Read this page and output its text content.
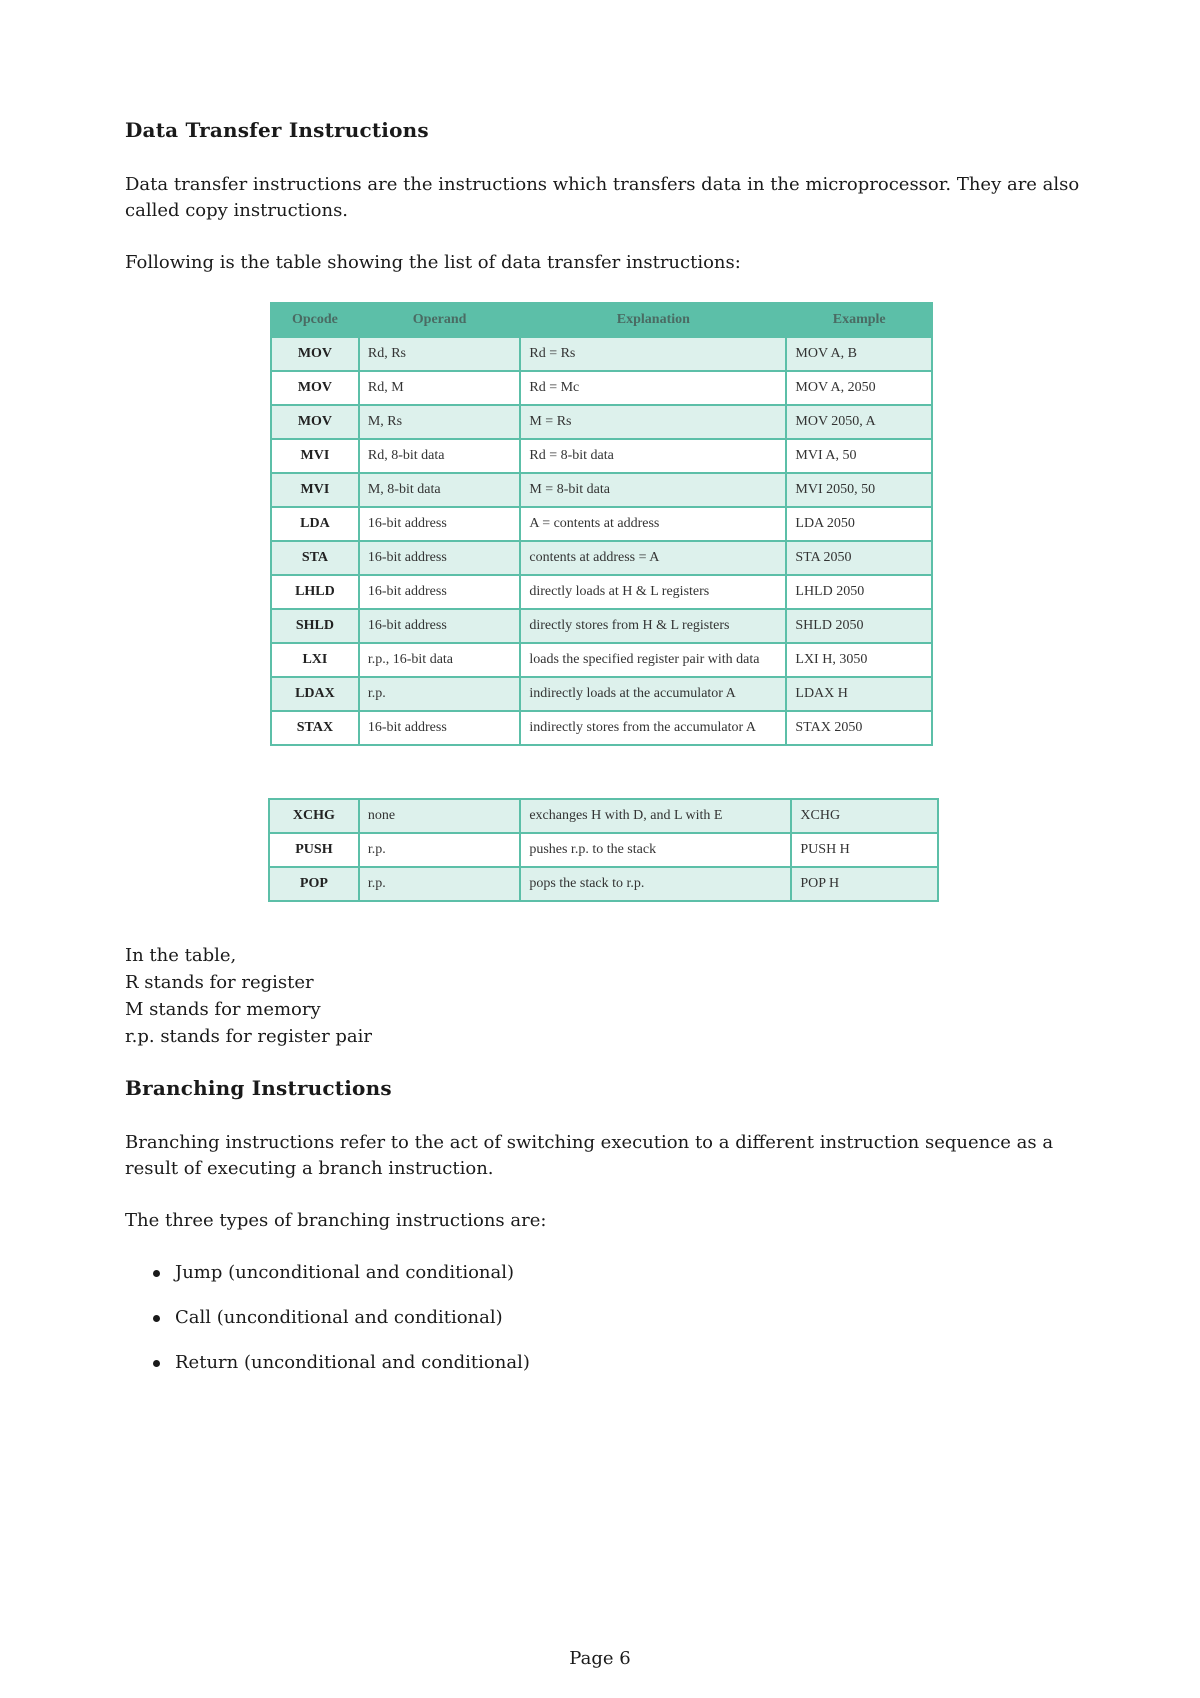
Data Transfer Instructions

Data transfer instructions are the instructions which transfers data in the microprocessor. They are also called copy instructions.

Following is the table showing the list of data transfer instructions:

Opcode	Operand	Explanation	Example
MOV	Rd, Rs	Rd = Rs	MOV A, B
MOV	Rd, M	Rd = Mc	MOV A, 2050
MOV	M, Rs	M = Rs	MOV 2050, A
MVI	Rd, 8-bit data	Rd = 8-bit data	MVI A, 50
MVI	M, 8-bit data	M = 8-bit data	MVI 2050, 50
LDA	16-bit address	A = contents at address	LDA 2050
STA	16-bit address	contents at address = A	STA 2050
LHLD	16-bit address	directly loads at H & L registers	LHLD 2050
SHLD	16-bit address	directly stores from H & L registers	SHLD 2050
LXI	r.p., 16-bit data	loads the specified register pair with data	LXI H, 3050
LDAX	r.p.	indirectly loads at the accumulator A	LDAX H
STAX	16-bit address	indirectly stores from the accumulator A	STAX 2050
XCHG	none	exchanges H with D, and L with E	XCHG
PUSH	r.p.	pushes r.p. to the stack	PUSH H
POP	r.p.	pops the stack to r.p.	POP H
In the table,
R stands for register
M stands for memory
r.p. stands for register pair
Branching Instructions

Branching instructions refer to the act of switching execution to a different instruction sequence as a result of executing a branch instruction.

The three types of branching instructions are:

Jump (unconditional and conditional)
Call (unconditional and conditional)
Return (unconditional and conditional)
Page 6
